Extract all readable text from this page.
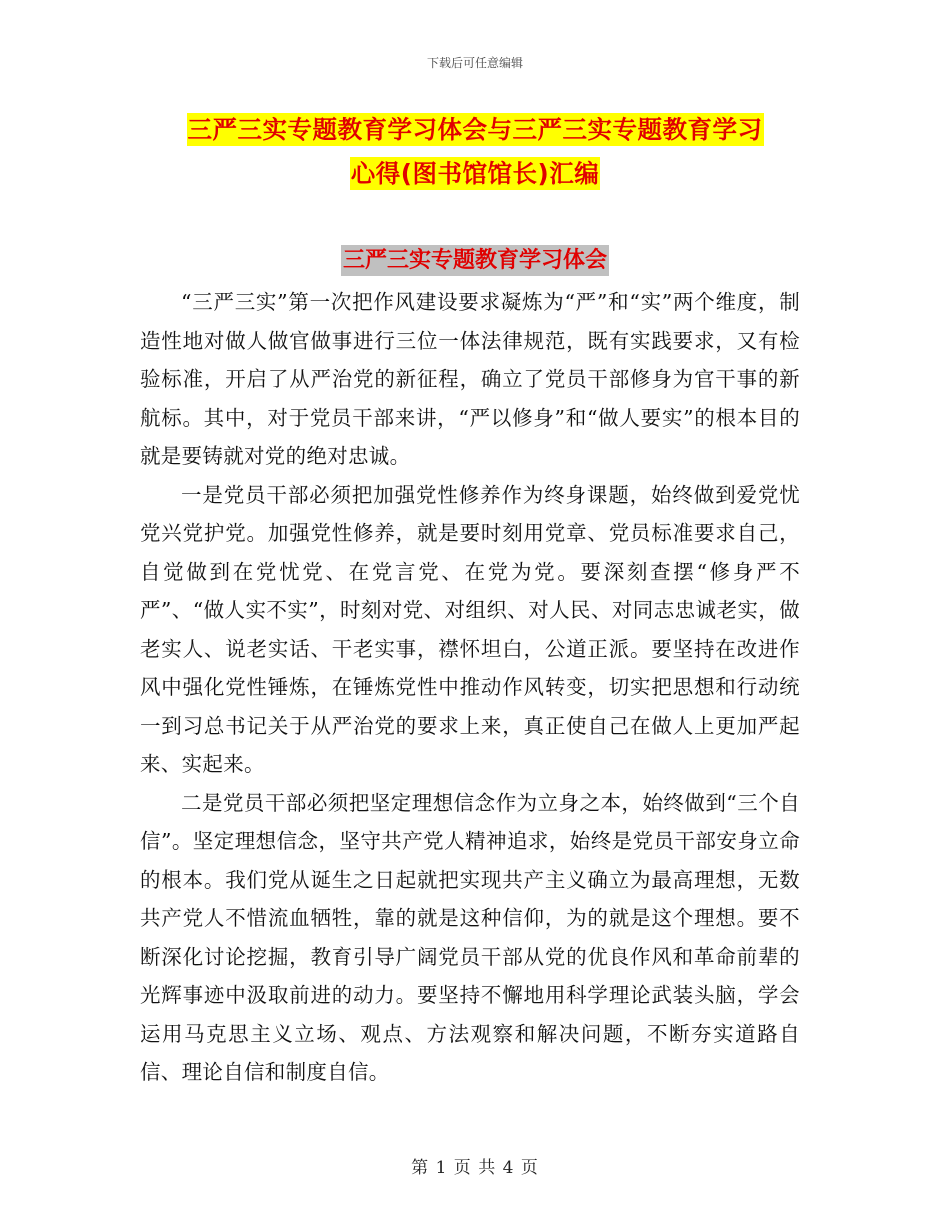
下载后可任意编辑
三严三实专题教育学习体会与三严三实专题教育学习
心得(图书馆馆长)汇编
三严三实专题教育学习体会

“三严三实”第一次把作风建设要求凝炼为“严”和“实”两个维度，制造性地对做人做官做事进行三位一体法律规范，既有实践要求，又有检验标准，开启了从严治党的新征程，确立了党员干部修身为官干事的新航标。其中，对于党员干部来讲，“严以修身”和“做人要实”的根本目的就是要铸就对党的绝对忠诚。

一是党员干部必须把加强党性修养作为终身课题，始终做到爱党忧党兴党护党。加强党性修养，就是要时刻用党章、党员标准要求自己，自觉做到在党忧党、在党言党、在党为党。要深刻查摆“修身严不严”、“做人实不实”，时刻对党、对组织、对人民、对同志忠诚老实，做老实人、说老实话、干老实事，襟怀坦白，公道正派。要坚持在改进作风中强化党性锤炼，在锤炼党性中推动作风转变，切实把思想和行动统一到习总书记关于从严治党的要求上来，真正使自己在做人上更加严起来、实起来。

二是党员干部必须把坚定理想信念作为立身之本，始终做到“三个自信”。坚定理想信念，坚守共产党人精神追求，始终是党员干部安身立命的根本。我们党从诞生之日起就把实现共产主义确立为最高理想，无数共产党人不惜流血牺牲，靠的就是这种信仰，为的就是这个理想。要不断深化讨论挖掘，教育引导广阔党员干部从党的优良作风和革命前辈的光辉事迹中汲取前进的动力。要坚持不懈地用科学理论武装头脑，学会运用马克思主义立场、观点、方法观察和解决问题，不断夯实道路自信、理论自信和制度自信。

第 1 页 共 4 页
